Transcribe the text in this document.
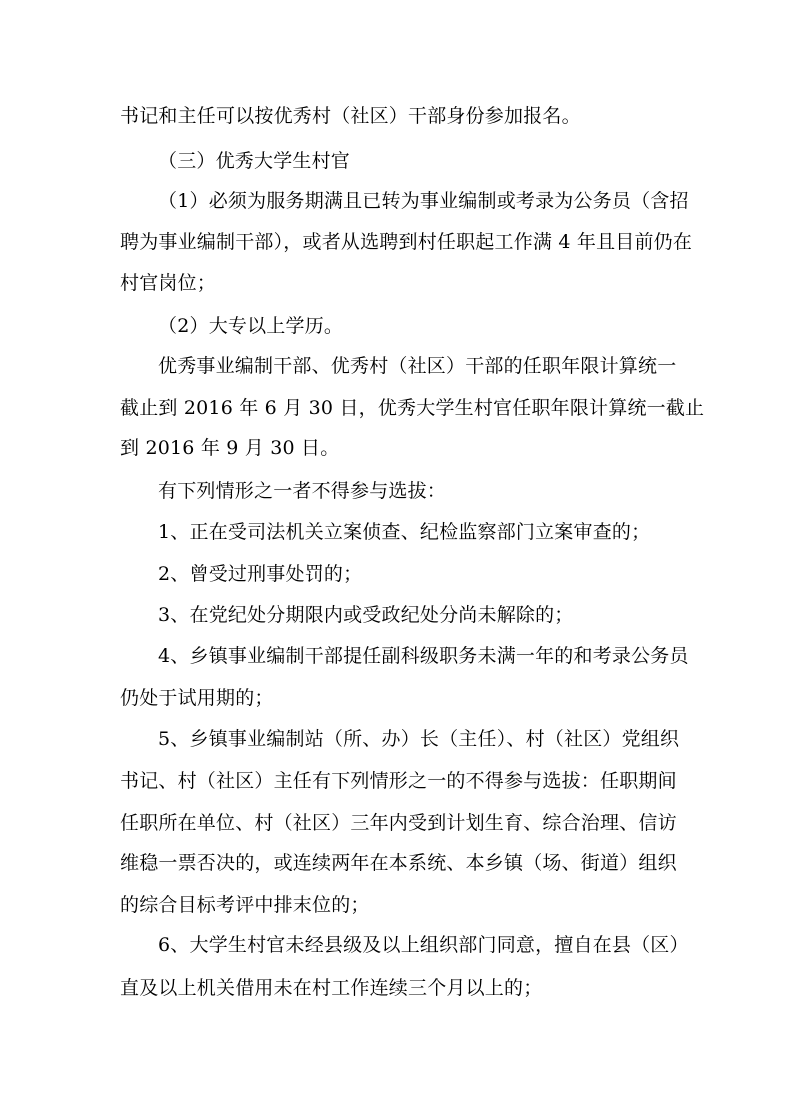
书记和主任可以按优秀村（社区）干部身份参加报名。
（三）优秀大学生村官
（1）必须为服务期满且已转为事业编制或考录为公务员（含招
聘为事业编制干部），或者从选聘到村任职起工作满 4 年且目前仍在
村官岗位；
（2）大专以上学历。
优秀事业编制干部、优秀村（社区）干部的任职年限计算统一
截止到 2016 年 6 月 30 日，优秀大学生村官任职年限计算统一截止
到 2016 年 9 月 30 日。
有下列情形之一者不得参与选拔：
1、正在受司法机关立案侦查、纪检监察部门立案审查的；
2、曾受过刑事处罚的；
3、在党纪处分期限内或受政纪处分尚未解除的；
4、乡镇事业编制干部提任副科级职务未满一年的和考录公务员
仍处于试用期的；
5、乡镇事业编制站（所、办）长（主任）、村（社区）党组织
书记、村（社区）主任有下列情形之一的不得参与选拔：任职期间
任职所在单位、村（社区）三年内受到计划生育、综合治理、信访
维稳一票否决的，或连续两年在本系统、本乡镇（场、街道）组织
的综合目标考评中排末位的；
6、大学生村官未经县级及以上组织部门同意，擅自在县（区）
直及以上机关借用未在村工作连续三个月以上的；
